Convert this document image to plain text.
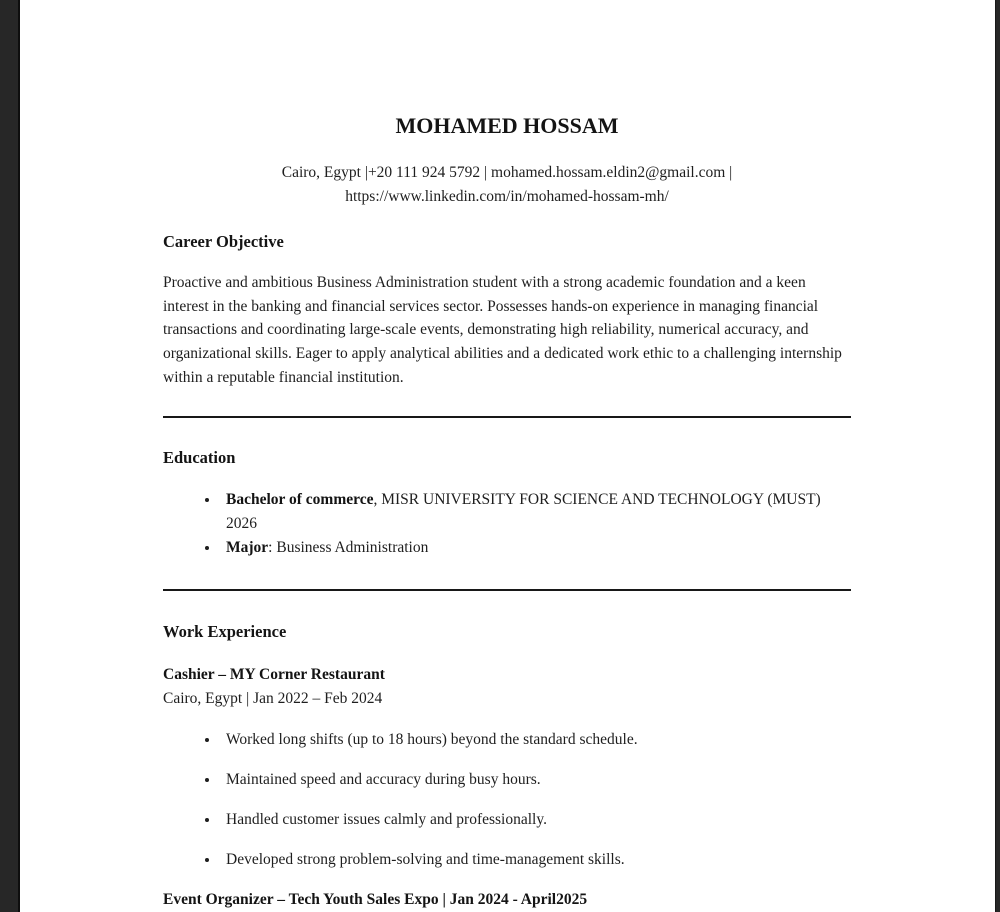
MOHAMED HOSSAM
Cairo, Egypt |+20 111 924 5792 | mohamed.hossam.eldin2@gmail.com |
https://www.linkedin.com/in/mohamed-hossam-mh/
Career Objective
Proactive and ambitious Business Administration student with a strong academic foundation and a keen interest in the banking and financial services sector. Possesses hands-on experience in managing financial transactions and coordinating large-scale events, demonstrating high reliability, numerical accuracy, and organizational skills. Eager to apply analytical abilities and a dedicated work ethic to a challenging internship within a reputable financial institution.
Education
• Bachelor of commerce, MISR UNIVERSITY FOR SCIENCE AND TECHNOLOGY (MUST) 2026
• Major: Business Administration
Work Experience
Cashier – MY Corner Restaurant
Cairo, Egypt | Jan 2022 – Feb 2024
• Worked long shifts (up to 18 hours) beyond the standard schedule.
• Maintained speed and accuracy during busy hours.
• Handled customer issues calmly and professionally.
• Developed strong problem-solving and time-management skills.
Event Organizer – Tech Youth Sales Expo | Jan 2024 - April2025
